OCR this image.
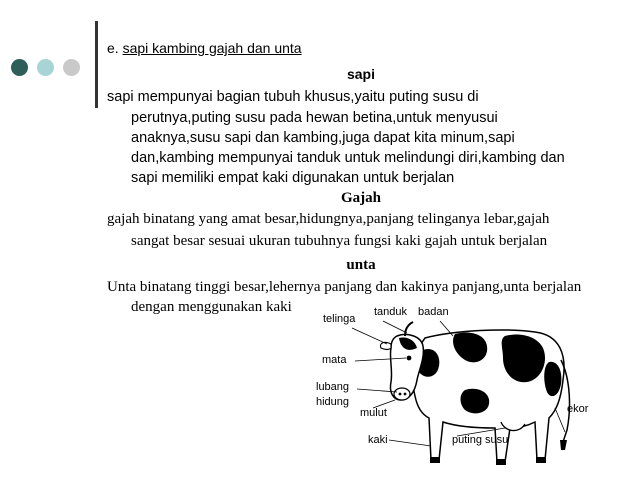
e. sapi kambing gajah dan unta
sapi
sapi mempunyai bagian tubuh khusus,yaitu puting susu di
perutnya,puting susu pada hewan betina,untuk menyusui
anaknya,susu sapi dan kambing,juga dapat kita minum,sapi
dan,kambing mempunyai tanduk untuk melindungi diri,kambing dan
sapi memiliki empat kaki digunakan untuk berjalan
Gajah
gajah binatang yang amat besar,hidungnya,panjang telinganya lebar,gajah
sangat besar sesuai ukuran tubuhnya fungsi kaki gajah untuk berjalan
unta
Unta binatang tinggi besar,lehernya panjang dan kakinya panjang,unta berjalan
dengan menggunakan kaki
telinga
tanduk badan
mata
lubang
hidung
mulut	ekor
kaki	puting susu
